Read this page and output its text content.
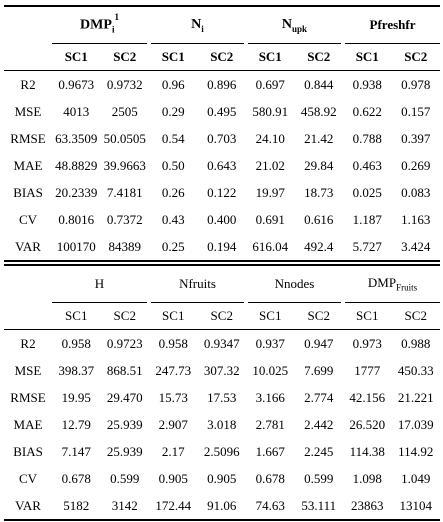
	$DMP_i^1$		$N_i$		$N_{upk}$		Pfreshfr	
	SC1	SC2	SC1	SC2	SC1	SC2	SC1	SC2

R2	0.9673	0.9732	0.96	0.896	0.697	0.844	0.938	0.978
MSE	4013	2505	0.29	0.495	580.91	458.92	0.622	0.157
RMSE	63.3509	50.0505	0.54	0.703	24.10	21.42	0.788	0.397
MAE	48.8829	39.9663	0.50	0.643	21.02	29.84	0.463	0.269
BIAS	20.2339	7.4181	0.26	0.122	19.97	18.73	0.025	0.083
CV	0.8016	0.7372	0.43	0.400	0.691	0.616	1.187	1.163
VAR	100170	84389	0.25	0.194	616.04	492.4	5.727	3.424

	H		Nfruits		Nnodes		$DMP_{Fruits}$
	SC1	SC2	SC1	SC2	SC1	SC2	SC1	SC2

R2	0.958	0.9723	0.958	0.9347	0.937	0.947	0.973	0.988
MSE	398.37	868.51	247.73	307.32	10.025	7.699	1777	450.33
RMSE	19.95	29.470	15.73	17.53	3.166	2.774	42.156	21.221
MAE	12.79	25.939	2.907	3.018	2.781	2.442	26.520	17.039
BIAS	7.147	25.939	2.17	2.5096	1.667	2.245	114.38	114.92
CV	0.678	0.599	0.905	0.905	0.678	0.599	1.098	1.049
VAR	5182	3142	172.44	91.06	74.63	53.111	23863	13104
